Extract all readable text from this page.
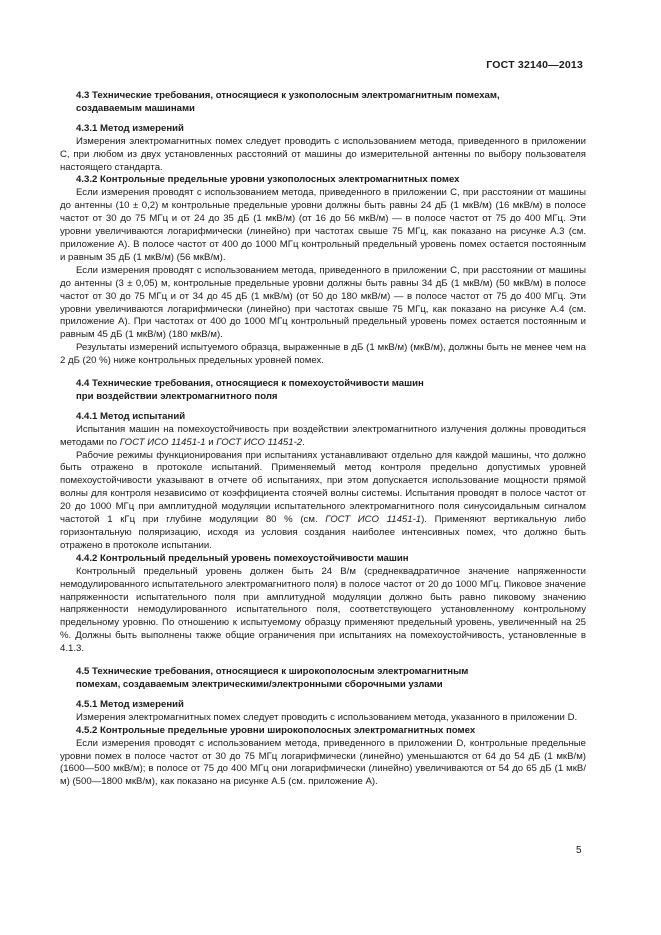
ГОСТ 32140—2013
4.3 Технические требования, относящиеся к узкополосным электромагнитным помехам,
создаваемым машинами
4.3.1 Метод измерений

Измерения электромагнитных помех следует проводить с использованием метода, приведенного в приложении С, при любом из двух установленных расстояний от машины до измерительной антенны по выбору пользователя настоящего стандарта.

4.3.2 Контрольные предельные уровни узкополосных электромагнитных помех

Если измерения проводят с использованием метода, приведенного в приложении С, при расстоянии от машины до антенны (10 ± 0,2) м контрольные предельные уровни должны быть равны 24 дБ (1 мкВ/м) (16 мкВ/м) в полосе частот от 30 до 75 МГц и от 24 до 35 дБ (1 мкВ/м) (от 16 до 56 мкВ/м) — в полосе частот от 75 до 400 МГц. Эти уровни увеличиваются логарифмически (линейно) при частотах свыше 75 МГц, как показано на рисунке А.3 (см. приложение А). В полосе частот от 400 до 1000 МГц контрольный предельный уровень помех остается постоянным и равным 35 дБ (1 мкВ/м) (56 мкВ/м).

Если измерения проводят с использованием метода, приведенного в приложении С, при расстоянии от машины до антенны (3 ± 0,05) м, контрольные предельные уровни должны быть равны 34 дБ (1 мкВ/м) (50 мкВ/м) в полосе частот от 30 до 75 МГц и от 34 до 45 дБ (1 мкВ/м) (от 50 до 180 мкВ/м) — в полосе частот от 75 до 400 МГц. Эти уровни увеличиваются логарифмически (линейно) при частотах свыше 75 МГц, как показано на рисунке А.4 (см. приложение А). При частотах от 400 до 1000 МГц контрольный предельный уровень помех остается постоянным и равным 45 дБ (1 мкВ/м) (180 мкВ/м).

Результаты измерений испытуемого образца, выраженные в дБ (1 мкВ/м) (мкВ/м), должны быть не менее чем на 2 дБ (20 %) ниже контрольных предельных уровней помех.

4.4 Технические требования, относящиеся к помехоустойчивости машин
при воздействии электромагнитного поля
4.4.1 Метод испытаний

Испытания машин на помехоустойчивость при воздействии электромагнитного излучения должны проводиться методами по ГОСТ ИСО 11451-1 и ГОСТ ИСО 11451-2.

Рабочие режимы функционирования при испытаниях устанавливают отдельно для каждой машины, что должно быть отражено в протоколе испытаний. Применяемый метод контроля предельно допустимых уровней помехоустойчивости указывают в отчете об испытаниях, при этом допускается использование мощности прямой волны для контроля независимо от коэффициента стоячей волны системы. Испытания проводят в полосе частот от 20 до 1000 МГц при амплитудной модуляции испытательного электромагнитного поля синусоидальным сигналом частотой 1 кГц при глубине модуляции 80 % (см. ГОСТ ИСО 11451-1). Применяют вертикальную либо горизонтальную поляризацию, исходя из условия создания наиболее интенсивных помех, что должно быть отражено в протоколе испытании.

4.4.2 Контрольный предельный уровень помехоустойчивости машин

Контрольный предельный уровень должен быть 24 В/м (среднеквадратичное значение напряженности немодулированного испытательного электромагнитного поля) в полосе частот от 20 до 1000 МГц. Пиковое значение напряженности испытательного поля при амплитудной модуляции должно быть равно пиковому значению напряженности немодулированного испытательного поля, соответствующего установленному контрольному предельному уровню. По отношению к испытуемому образцу применяют предельный уровень, увеличенный на 25 %. Должны быть выполнены также общие ограничения при испытаниях на помехоустойчивость, установленные в 4.1.3.

4.5 Технические требования, относящиеся к широкополосным электромагнитным
помехам, создаваемым электрическими/электронными сборочными узлами
4.5.1 Метод измерений

Измерения электромагнитных помех следует проводить с использованием метода, указанного в приложении D.

4.5.2 Контрольные предельные уровни широкополосных электромагнитных помех

Если измерения проводят с использованием метода, приведенного в приложении D, контрольные предельные уровни помех в полосе частот от 30 до 75 МГц логарифмически (линейно) уменьшаются от 64 до 54 дБ (1 мкВ/м) (1600—500 мкВ/м); в полосе от 75 до 400 МГц они логарифмически (линейно) увеличиваются от 54 до 65 дБ (1 мкВ/м) (500—1800 мкВ/м), как показано на рисунке А.5 (см. приложение А).

5
